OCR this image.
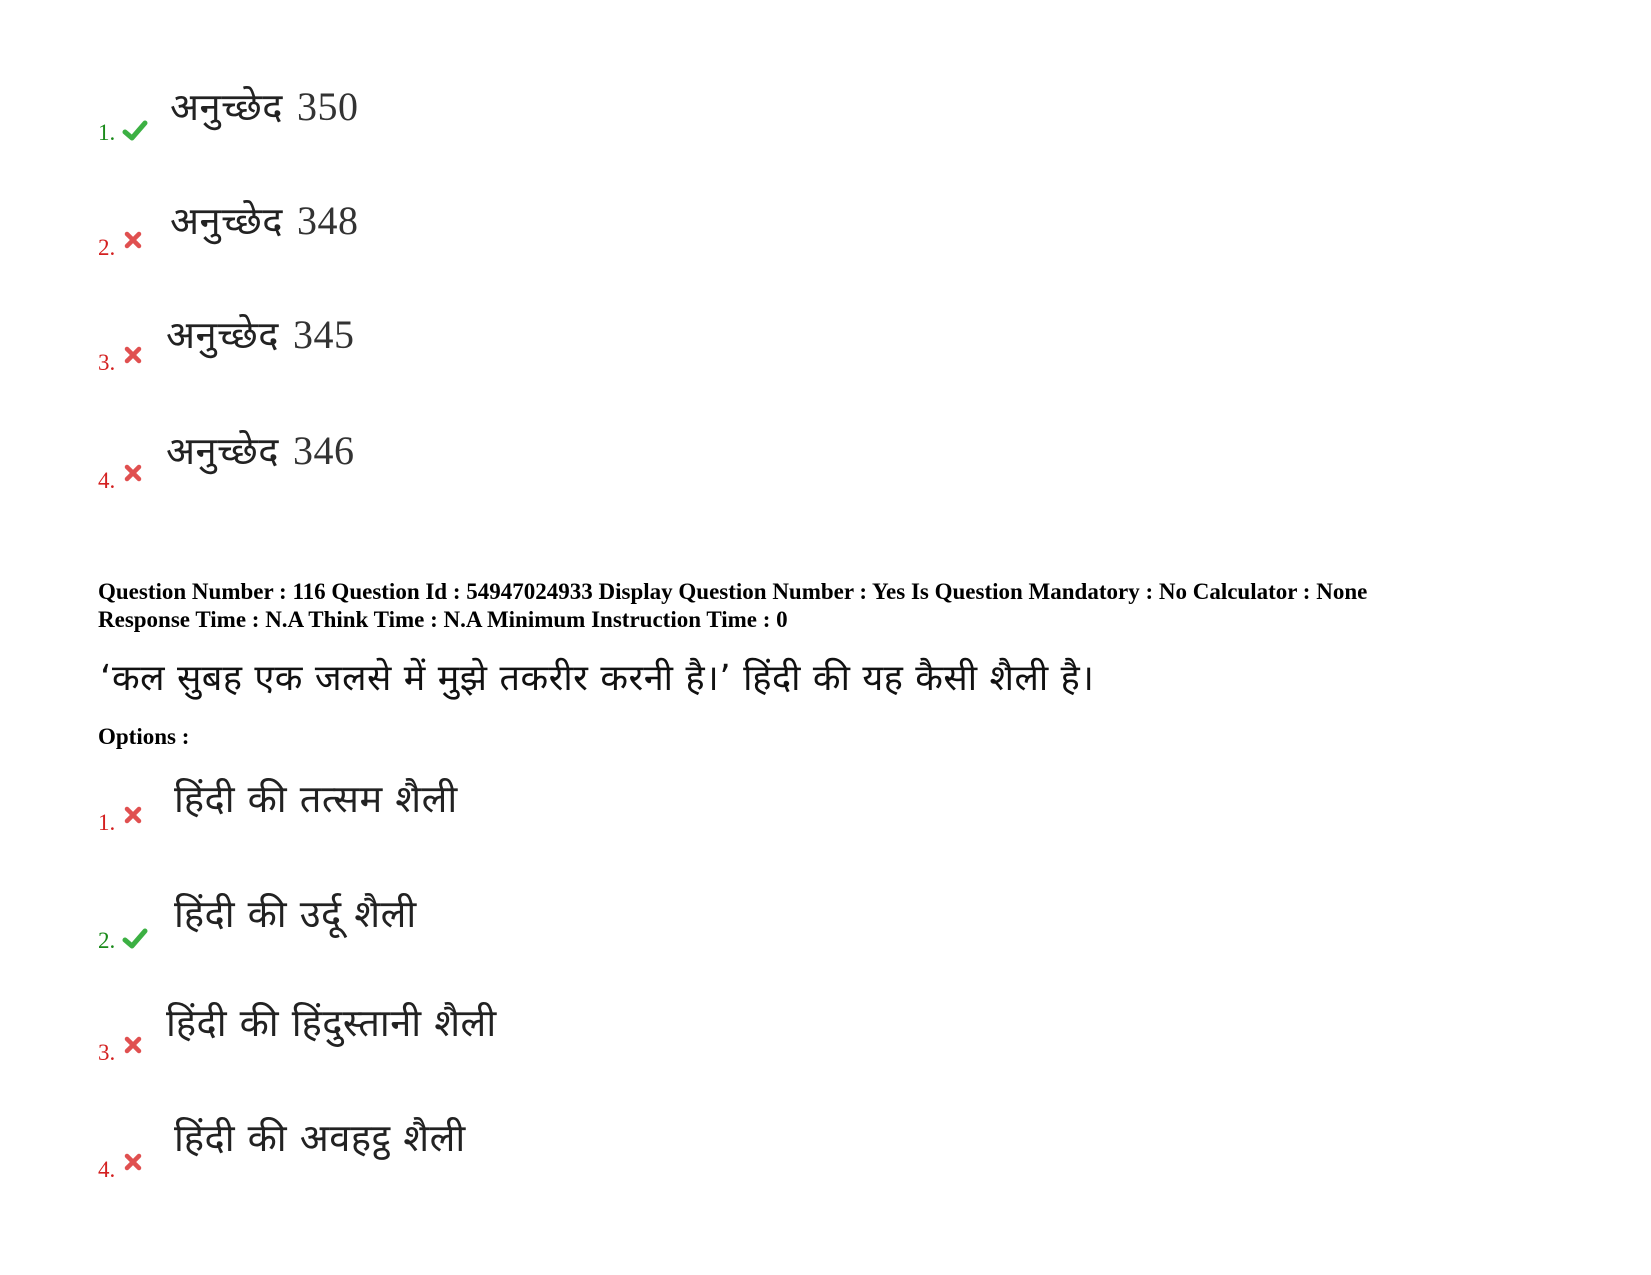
1.
अनुच्छेद 350
2.
अनुच्छेद 348
3.
अनुच्छेद 345
4.
अनुच्छेद 346
Question Number : 116 Question Id : 54947024933 Display Question Number : Yes Is Question Mandatory : No Calculator : None
Response Time : N.A Think Time : N.A Minimum Instruction Time : 0
‘कल सुबह एक जलसे में मुझे तकरीर करनी है।’ हिंदी की यह कैसी शैली है।
Options :
1.
हिंदी की तत्सम शैली
2.
हिंदी की उर्दू शैली
3.
हिंदी की हिंदुस्तानी शैली
4.
हिंदी की अवहट्ठ शैली
